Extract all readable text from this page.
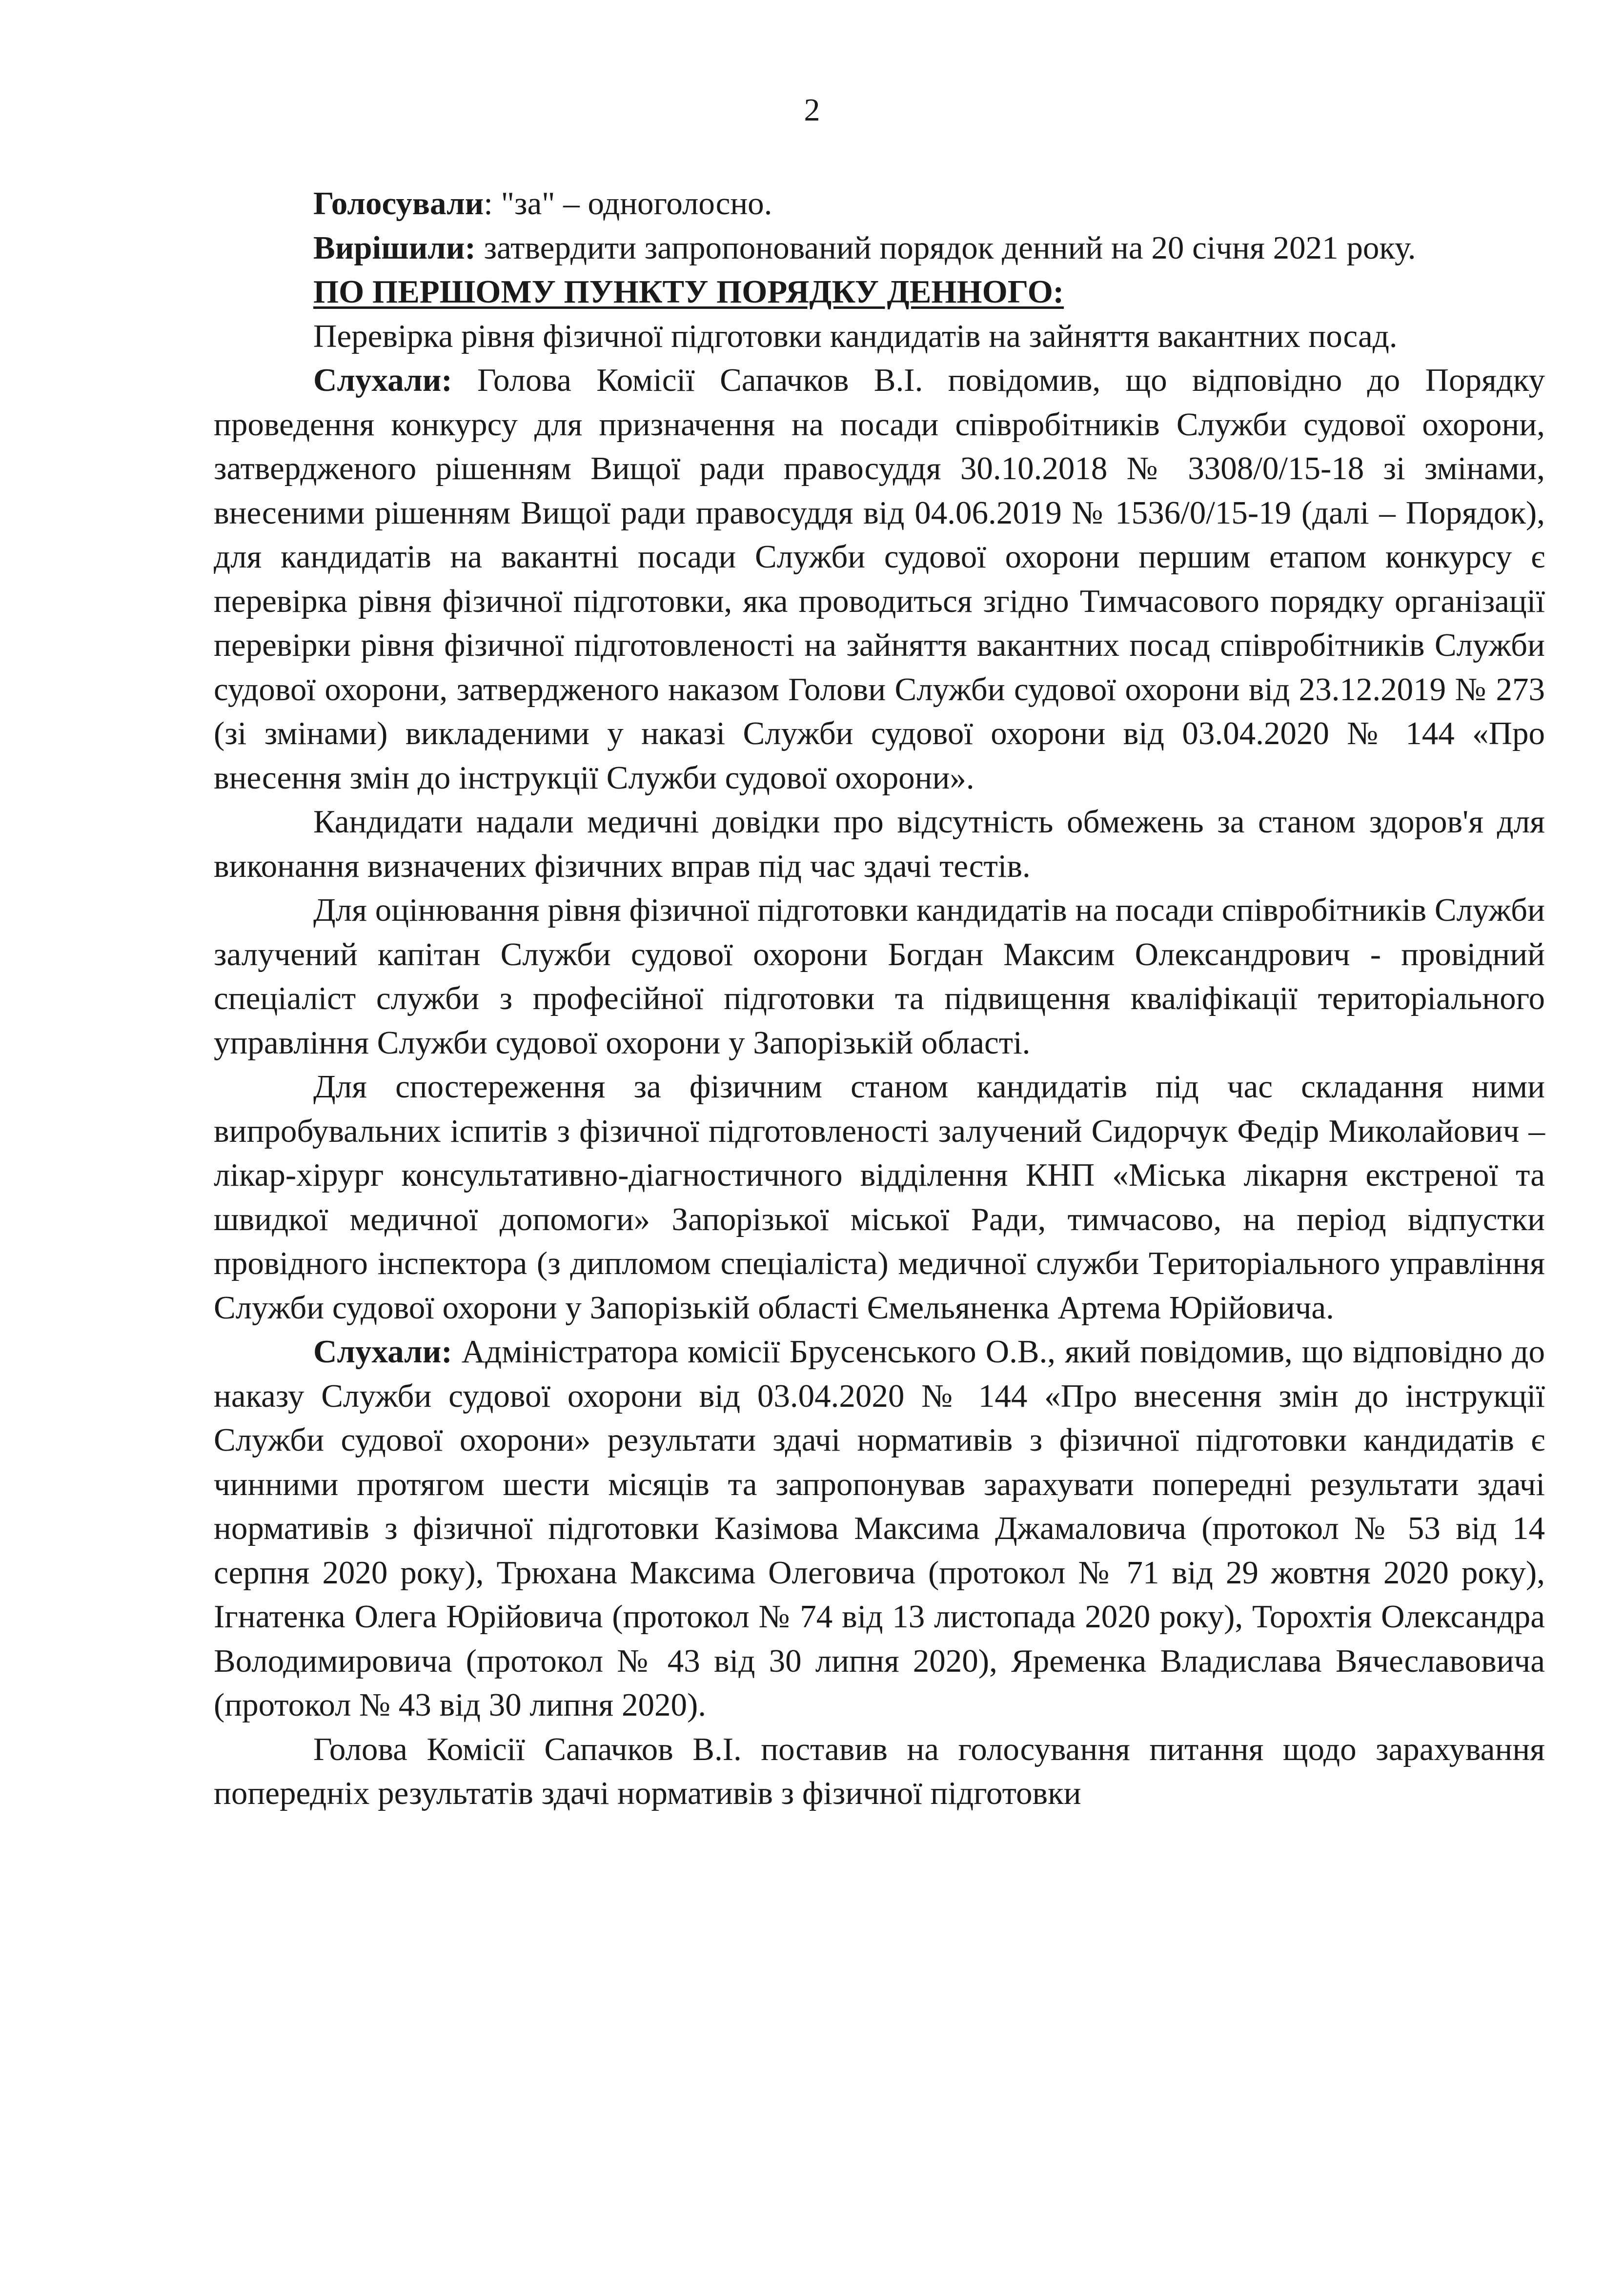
2

Голосували: "за" – одноголосно.

Вирішили: затвердити запропонований порядок денний на 20 січня 2021 року.

ПО ПЕРШОМУ ПУНКТУ ПОРЯДКУ ДЕННОГО:

Перевірка рівня фізичної підготовки кандидатів на зайняття вакантних посад.

Слухали: Голова Комісії Сапачков В.І. повідомив, що відповідно до Порядку проведення конкурсу для призначення на посади співробітників Служби судової охорони, затвердженого рішенням Вищої ради правосуддя 30.10.2018 № 3308/0/15-18 зі змінами, внесеними рішенням Вищої ради правосуддя від 04.06.2019 № 1536/0/15-19 (далі – Порядок), для кандидатів на вакантні посади Служби судової охорони першим етапом конкурсу є перевірка рівня фізичної підготовки, яка проводиться згідно Тимчасового порядку організації перевірки рівня фізичної підготовленості на зайняття вакантних посад співробітників Служби судової охорони, затвердженого наказом Голови Служби судової охорони від 23.12.2019 № 273 (зі змінами) викладеними у наказі Служби судової охорони від 03.04.2020 № 144 «Про внесення змін до інструкції Служби судової охорони».

Кандидати надали медичні довідки про відсутність обмежень за станом здоров'я для виконання визначених фізичних вправ під час здачі тестів.

Для оцінювання рівня фізичної підготовки кандидатів на посади співробітників Служби залучений капітан Служби судової охорони Богдан Максим Олександрович - провідний спеціаліст служби з професійної підготовки та підвищення кваліфікації територіального управління Служби судової охорони у Запорізькій області.

Для спостереження за фізичним станом кандидатів під час складання ними випробувальних іспитів з фізичної підготовленості залучений Сидорчук Федір Миколайович – лікар-хірург консультативно-діагностичного відділення КНП «Міська лікарня екстреної та швидкої медичної допомоги» Запорізької міської Ради, тимчасово, на період відпустки провідного інспектора (з дипломом спеціаліста) медичної служби Територіального управління Служби судової охорони у Запорізькій області Ємельяненка Артема Юрійовича.

Слухали: Адміністратора комісії Брусенського О.В., який повідомив, що відповідно до наказу Служби судової охорони від 03.04.2020 № 144 «Про внесення змін до інструкції Служби судової охорони» результати здачі нормативів з фізичної підготовки кандидатів є чинними протягом шести місяців та запропонував зарахувати попередні результати здачі нормативів з фізичної підготовки Казімова Максима Джамаловича (протокол № 53 від 14 серпня 2020 року), Трюхана Максима Олеговича (протокол № 71 від 29 жовтня 2020 року), Ігнатенка Олега Юрійовича (протокол № 74 від 13 листопада 2020 року), Торохтія Олександра Володимировича (протокол № 43 від 30 липня 2020), Яременка Владислава Вячеславовича (протокол № 43 від 30 липня 2020).

Голова Комісії Сапачков В.І. поставив на голосування питання щодо зарахування попередніх результатів здачі нормативів з фізичної підготовки
